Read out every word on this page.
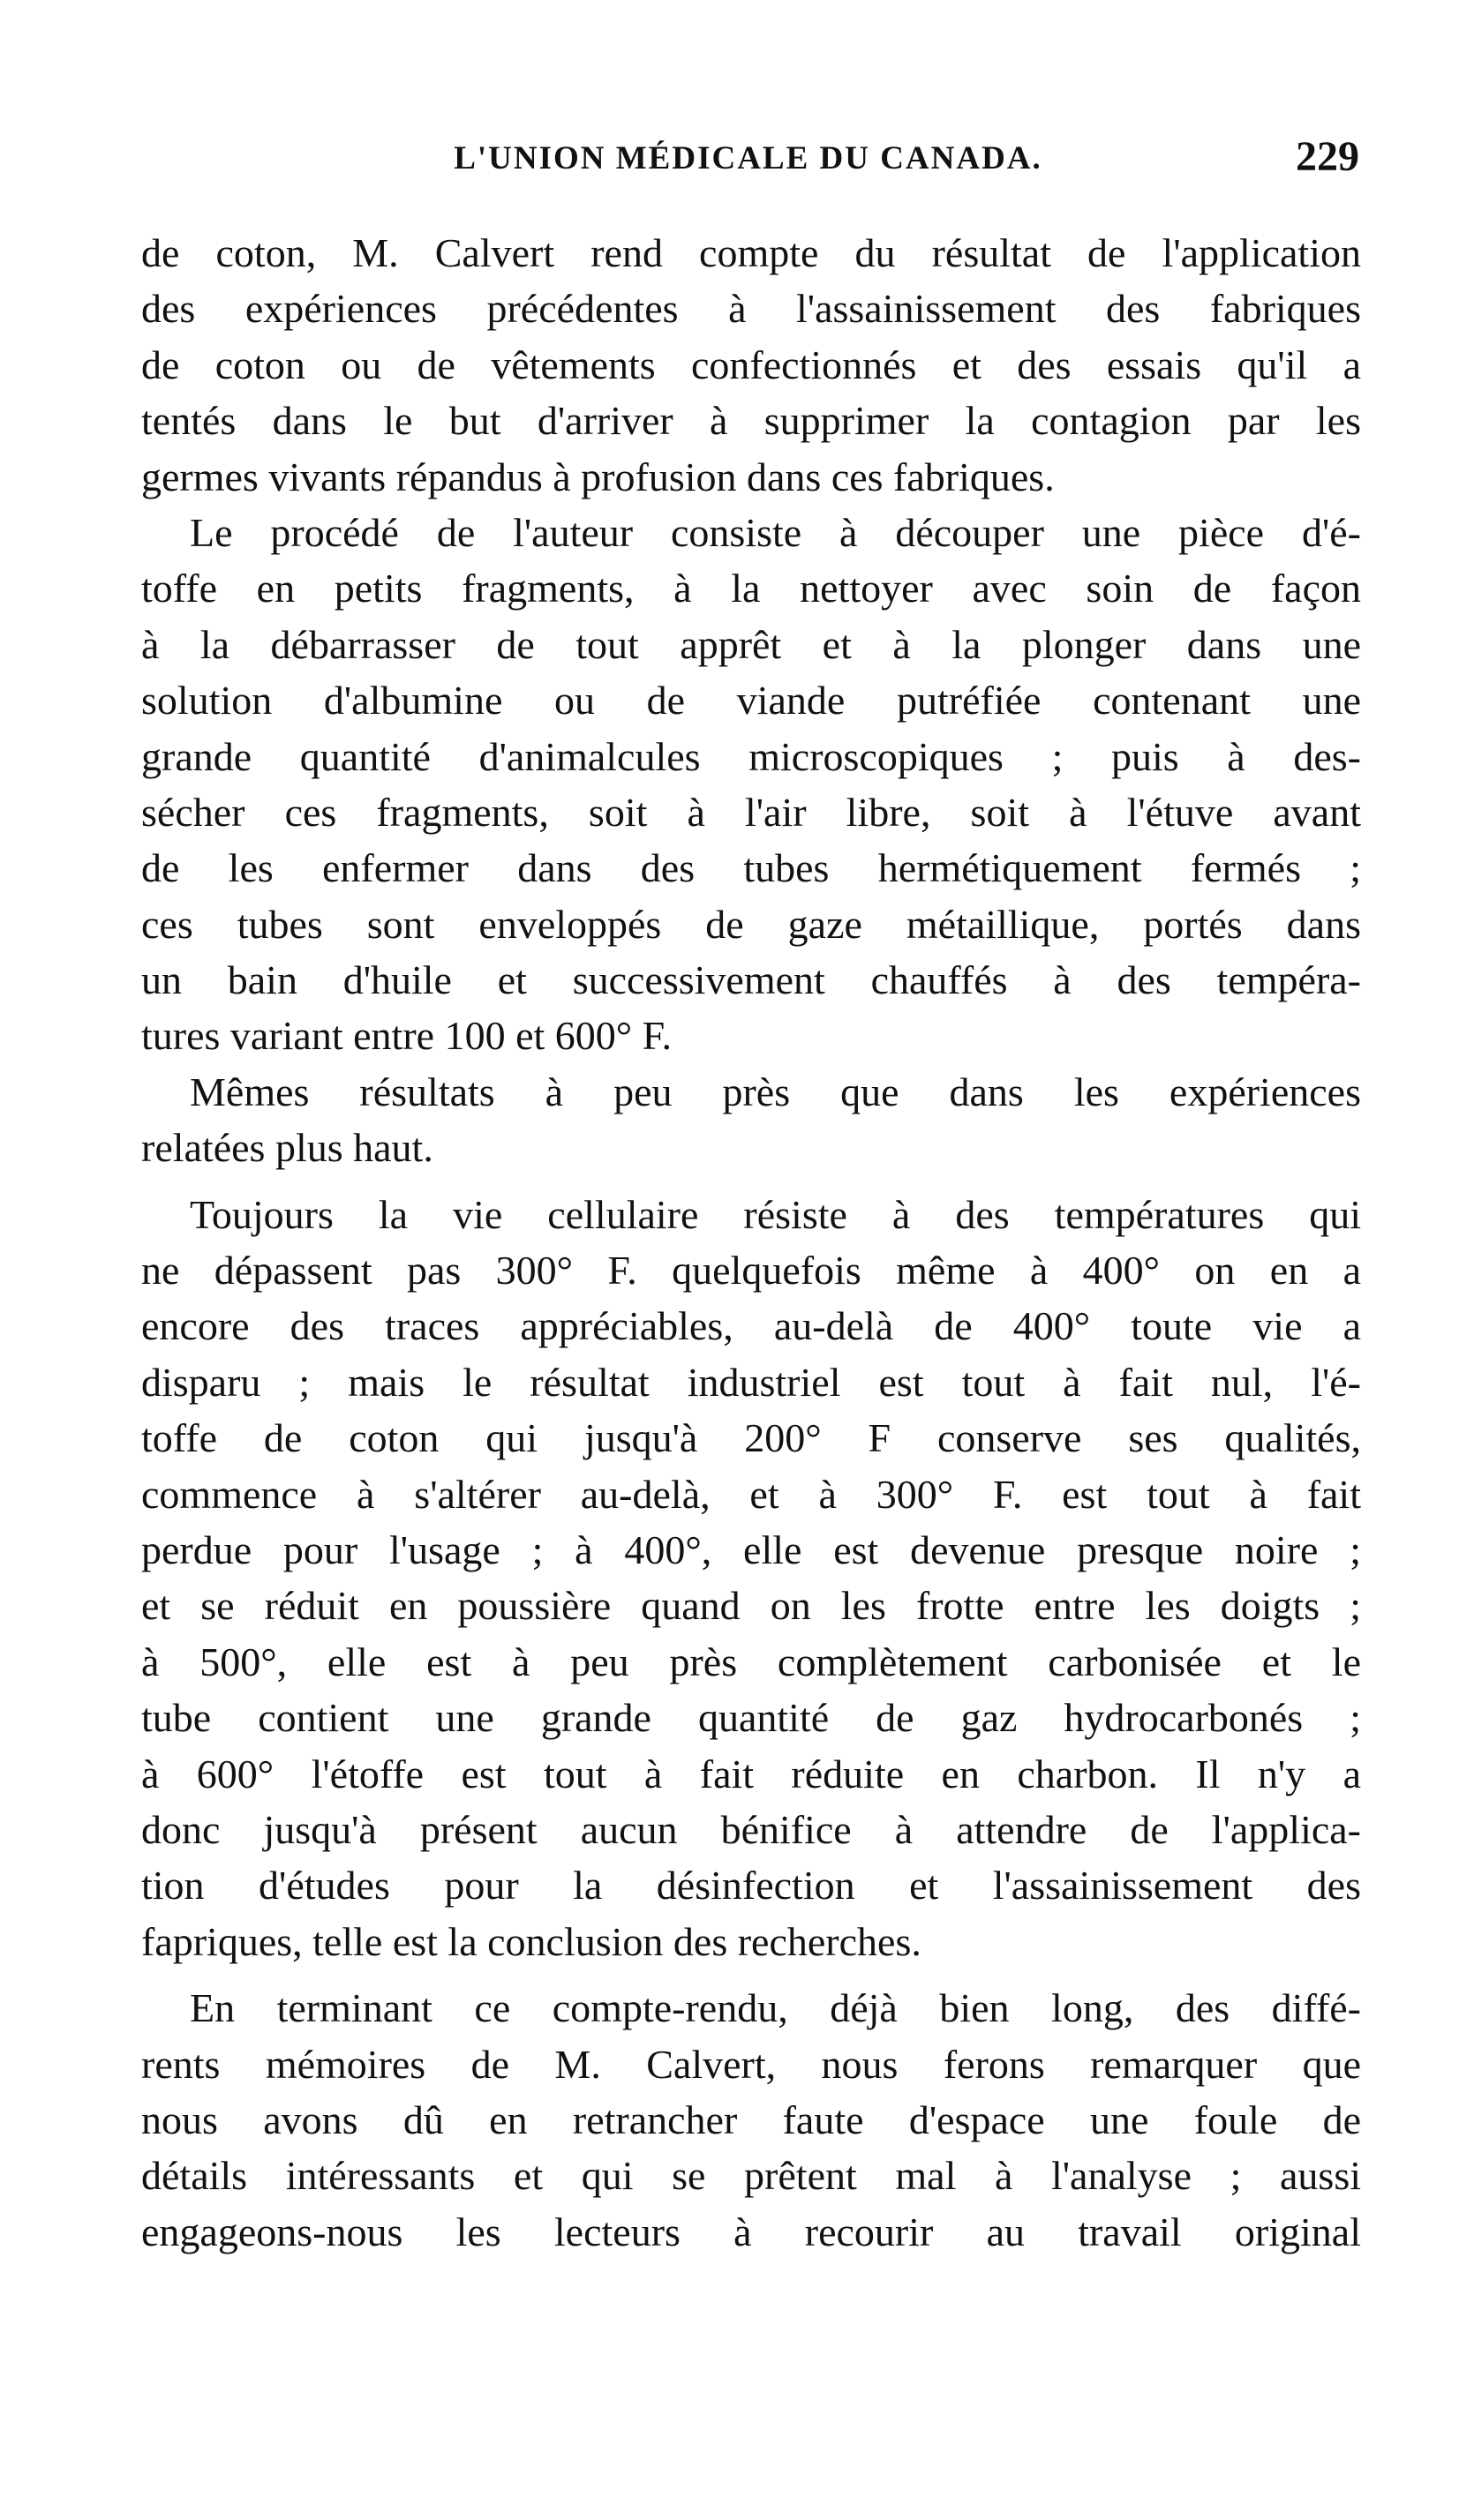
L'UNION MÉDICALE DU CANADA.	229
de coton, M. Calvert rend compte du résultat de l'application
des expériences précédentes à l'assainissement des fabriques
de coton ou de vêtements confectionnés et des essais qu'il a
tentés dans le but d'arriver à supprimer la contagion par les
germes vivants répandus à profusion dans ces fabriques.
Le procédé de l'auteur consiste à découper une pièce d'é-
toffe en petits fragments, à la nettoyer avec soin de façon
à la débarrasser de tout apprêt et à la plonger dans une
solution d'albumine ou de viande putréfiée contenant une
grande quantité d'animalcules microscopiques ; puis à des-
sécher ces fragments, soit à l'air libre, soit à l'étuve avant
de les enfermer dans des tubes hermétiquement fermés ;
ces tubes sont enveloppés de gaze métaillique, portés dans
un bain d'huile et successivement chauffés à des tempéra-
tures variant entre 100 et 600° F.
Mêmes résultats à peu près que dans les expériences
relatées plus haut.
Toujours la vie cellulaire résiste à des températures qui
ne dépassent pas 300° F. quelquefois même à 400° on en a
encore des traces appréciables, au-delà de 400° toute vie a
disparu ; mais le résultat industriel est tout à fait nul, l'é-
toffe de coton qui jusqu'à 200° F conserve ses qualités,
commence à s'altérer au-delà, et à 300° F. est tout à fait
perdue pour l'usage ; à 400°, elle est devenue presque noire ;
et se réduit en poussière quand on les frotte entre les doigts ;
à 500°, elle est à peu près complètement carbonisée et le
tube contient une grande quantité de gaz hydrocarbonés ;
à 600° l'étoffe est tout à fait réduite en charbon. Il n'y a
donc jusqu'à présent aucun bénifice à attendre de l'applica-
tion d'études pour la désinfection et l'assainissement des
fapriques, telle est la conclusion des recherches.
En terminant ce compte-rendu, déjà bien long, des diffé-
rents mémoires de M. Calvert, nous ferons remarquer que
nous avons dû en retrancher faute d'espace une foule de
détails intéressants et qui se prêtent mal à l'analyse ; aussi
engageons-nous les lecteurs à recourir au travail original
